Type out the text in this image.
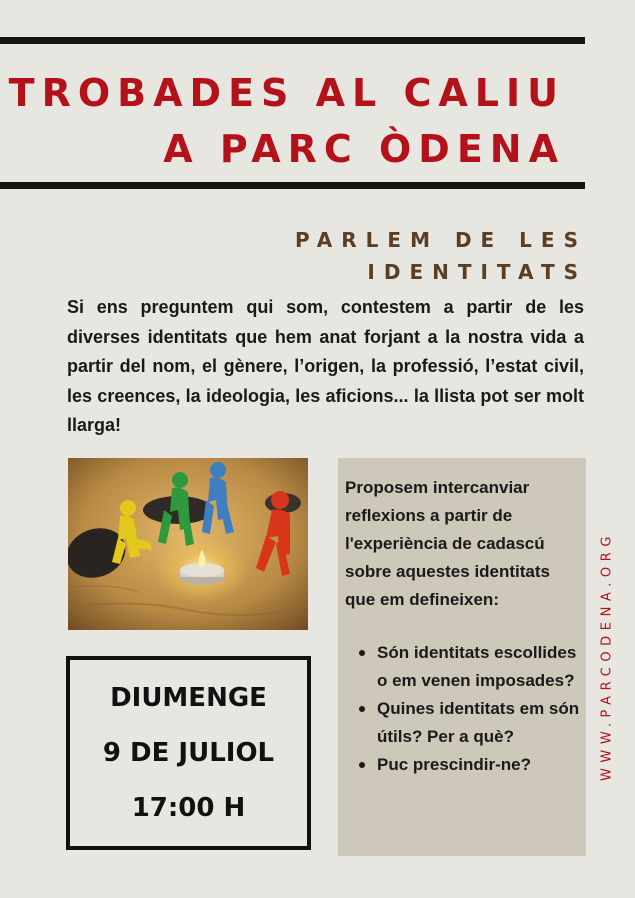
TROBADES AL CALIU
A PARC ÒDENA
PARLEM DE LES
IDENTITATS

Si ens preguntem qui som, contestem a partir de les diverses identitats que hem anat forjant a la nostra vida a partir del nom, el gènere, l’origen, la professió, l’estat civil, les creences, la ideologia, les aficions... la llista pot ser molt llarga!

DIUMENGE
9 DE JULIOL
17:00 H

Proposem intercanviar reflexions a partir de l'experiència de cadascú sobre aquestes identitats que em defineixen:

Són identitats escollides o em venen imposades?
Quines identitats em són útils? Per a què?
Puc prescindir-ne?	WWW.PARCODENA.ORG
